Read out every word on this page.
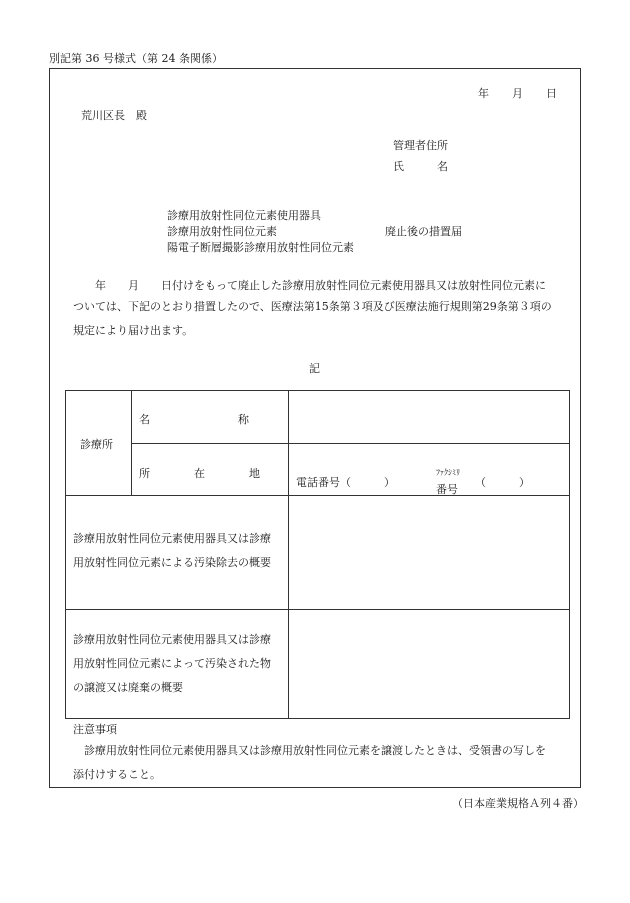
別記第 36 号様式（第 24 条関係）
年 月 日
荒川区長　殿
管理者住所
氏　　　名
診療用放射性同位元素使用器具
診療用放射性同位元素
陽電子断層撮影診療用放射性同位元素
廃止後の措置届
　　年　　月　　日付けをもって廃止した診療用放射性同位元素使用器具又は放射性同位元素に
ついては、下記のとおり措置したので、医療法第15条第３項及び医療法施行規則第29条第３項の
規定により届け出ます。
記
診療所
名　　　　　　　　称
所　　　　在　　　　地
電話番号（　　　）
ﾌｧｸｼﾐﾘ
番号
（　　　）
診療用放射性同位元素使用器具又は診療
用放射性同位元素による汚染除去の概要
診療用放射性同位元素使用器具又は診療
用放射性同位元素によって汚染された物
の譲渡又は廃棄の概要
注意事項
　診療用放射性同位元素使用器具又は診療用放射性同位元素を譲渡したときは、受領書の写しを
添付けすること。
（日本産業規格Ａ列４番）
